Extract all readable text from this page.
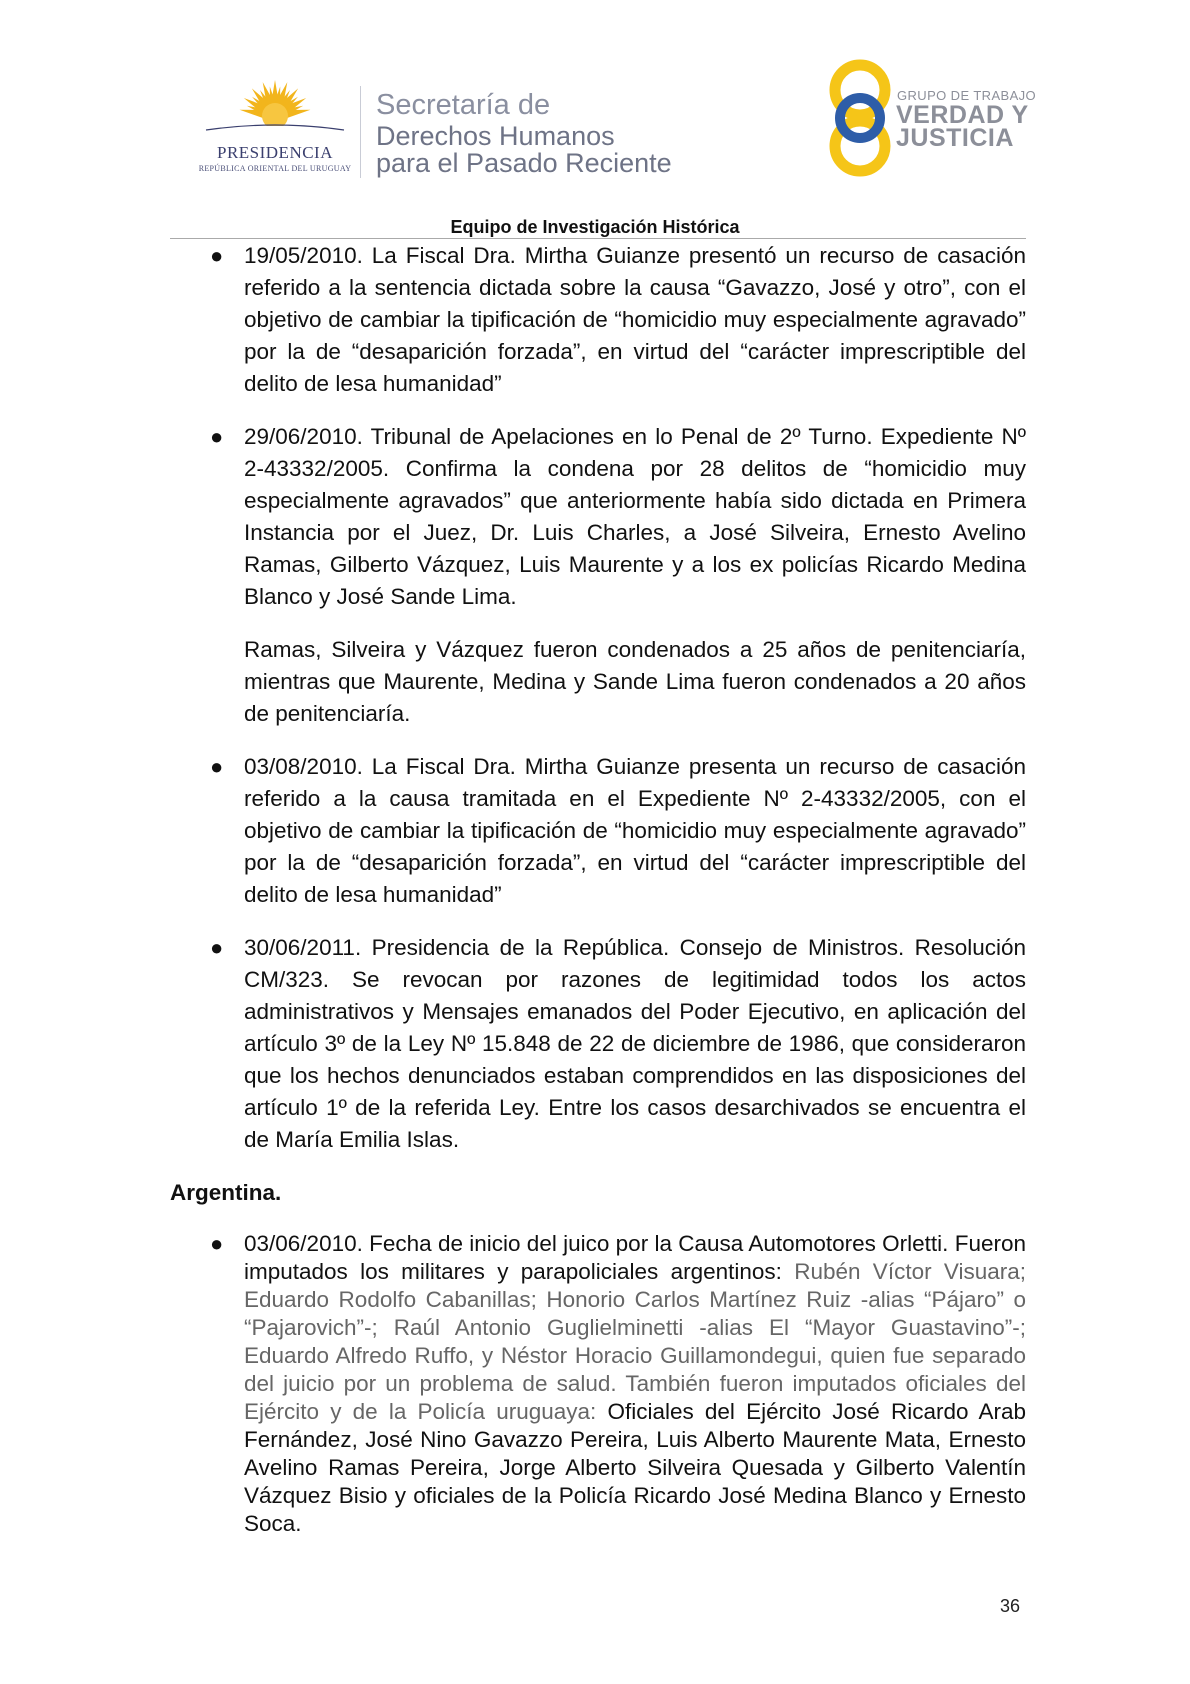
PRESIDENCIA
REPÚBLICA ORIENTAL DEL URUGUAY
Secretaría de
Derechos Humanos
para el Pasado Reciente
GRUPO DE TRABAJO
VERDAD Y
JUSTICIA
Equipo de Investigación Histórica
● 19/05/2010. La Fiscal Dra. Mirtha Guianze presentó un recurso de casación referido a la sentencia dictada sobre la causa “Gavazzo, José y otro”, con el objetivo de cambiar la tipificación de “homicidio muy especialmente agravado” por la de “desaparición forzada”, en virtud del “carácter imprescriptible del delito de lesa humanidad”

● 29/06/2010. Tribunal de Apelaciones en lo Penal de 2º Turno. Expediente Nº 2-43332/2005. Confirma la condena por 28 delitos de “homicidio muy especialmente agravados” que anteriormente había sido dictada en Primera Instancia por el Juez, Dr. Luis Charles, a José Silveira, Ernesto Avelino Ramas, Gilberto Vázquez, Luis Maurente y a los ex policías Ricardo Medina Blanco y José Sande Lima.

Ramas, Silveira y Vázquez fueron condenados a 25 años de penitenciaría, mientras que Maurente, Medina y Sande Lima fueron condenados a 20 años de penitenciaría.

● 03/08/2010. La Fiscal Dra. Mirtha Guianze presenta un recurso de casación referido a la causa tramitada en el Expediente Nº 2-43332/2005, con el objetivo de cambiar la tipificación de “homicidio muy especialmente agravado” por la de “desaparición forzada”, en virtud del “carácter imprescriptible del delito de lesa humanidad”

● 30/06/2011. Presidencia de la República. Consejo de Ministros. Resolución CM/323. Se revocan por razones de legitimidad todos los actos administrativos y Mensajes emanados del Poder Ejecutivo, en aplicación del artículo 3º de la Ley Nº 15.848 de 22 de diciembre de 1986, que consideraron que los hechos denunciados estaban comprendidos en las disposiciones del artículo 1º de la referida Ley. Entre los casos desarchivados se encuentra el de María Emilia Islas.

Argentina.

● 03/06/2010. Fecha de inicio del juico por la Causa Automotores Orletti. Fueron imputados los militares y parapoliciales argentinos: Rubén Víctor Visuara; Eduardo Rodolfo Cabanillas; Honorio Carlos Martínez Ruiz -alias “Pájaro” o “Pajarovich”-; Raúl Antonio Guglielminetti -alias El “Mayor Guastavino”-; Eduardo Alfredo Ruffo, y Néstor Horacio Guillamondegui, quien fue separado del juicio por un problema de salud. También fueron imputados oficiales del Ejército y de la Policía uruguaya: Oficiales del Ejército José Ricardo Arab Fernández, José Nino Gavazzo Pereira, Luis Alberto Maurente Mata, Ernesto Avelino Ramas Pereira, Jorge Alberto Silveira Quesada y Gilberto Valentín Vázquez Bisio y oficiales de la Policía Ricardo José Medina Blanco y Ernesto Soca.

36
